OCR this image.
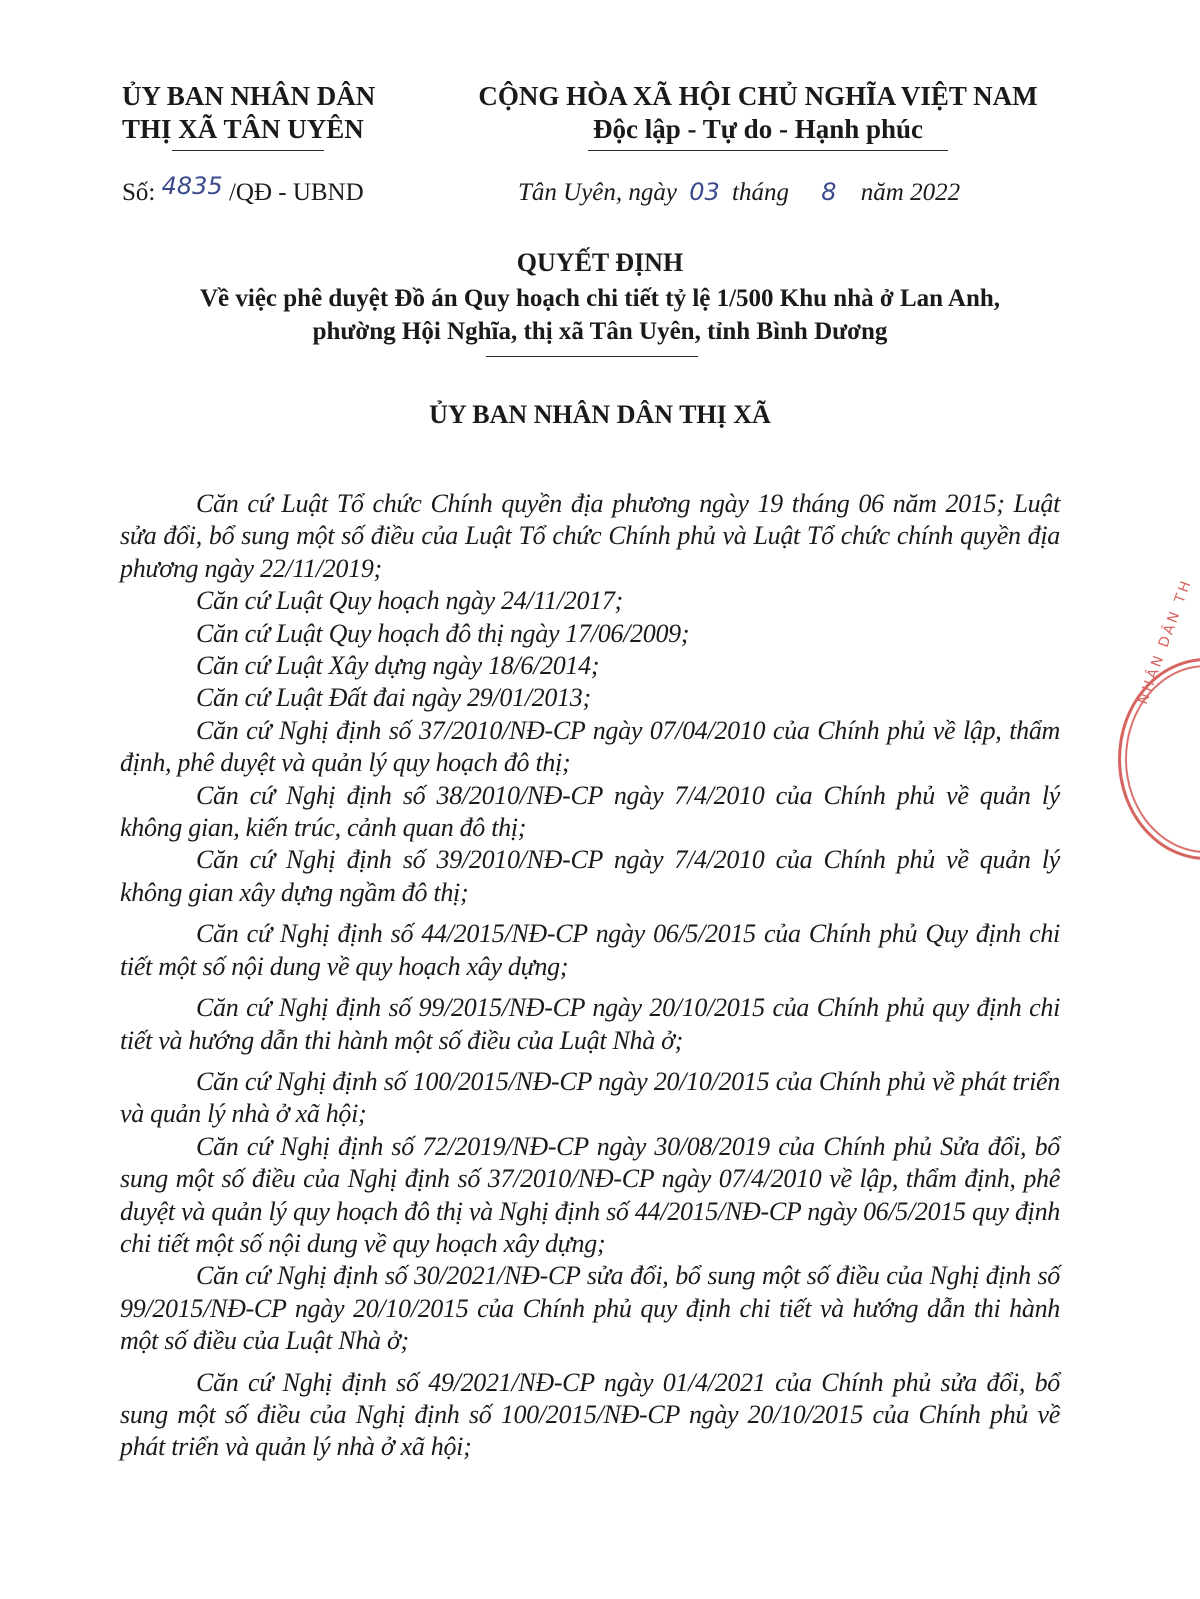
ỦY BAN NHÂN DÂN
THỊ XÃ TÂN UYÊN
CỘNG HÒA XÃ HỘI CHỦ NGHĨA VIỆT NAM
Độc lập - Tự do - Hạnh phúc
Số: 4835 /QĐ - UBND	Tân Uyên, ngày 03 tháng 8 năm 2022
QUYẾT ĐỊNH
Về việc phê duyệt Đồ án Quy hoạch chi tiết tỷ lệ 1/500 Khu nhà ở Lan Anh,
phường Hội Nghĩa, thị xã Tân Uyên, tỉnh Bình Dương
ỦY BAN NHÂN DÂN THỊ XÃ
NHÂN DÂN TH

Căn cứ Luật Tổ chức Chính quyền địa phương ngày 19 tháng 06 năm 2015; Luật sửa đổi, bổ sung một số điều của Luật Tổ chức Chính phủ và Luật Tổ chức chính quyền địa phương ngày 22/11/2019;

Căn cứ Luật Quy hoạch ngày 24/11/2017;

Căn cứ Luật Quy hoạch đô thị ngày 17/06/2009;

Căn cứ Luật Xây dựng ngày 18/6/2014;

Căn cứ Luật Đất đai ngày 29/01/2013;

Căn cứ Nghị định số 37/2010/NĐ-CP ngày 07/04/2010 của Chính phủ về lập, thẩm định, phê duyệt và quản lý quy hoạch đô thị;

Căn cứ Nghị định số 38/2010/NĐ-CP ngày 7/4/2010 của Chính phủ về quản lý không gian, kiến trúc, cảnh quan đô thị;

Căn cứ Nghị định số 39/2010/NĐ-CP ngày 7/4/2010 của Chính phủ về quản lý không gian xây dựng ngầm đô thị;

Căn cứ Nghị định số 44/2015/NĐ-CP ngày 06/5/2015 của Chính phủ Quy định chi tiết một số nội dung về quy hoạch xây dựng;

Căn cứ Nghị định số 99/2015/NĐ-CP ngày 20/10/2015 của Chính phủ quy định chi tiết và hướng dẫn thi hành một số điều của Luật Nhà ở;

Căn cứ Nghị định số 100/2015/NĐ-CP ngày 20/10/2015 của Chính phủ về phát triển và quản lý nhà ở xã hội;

Căn cứ Nghị định số 72/2019/NĐ-CP ngày 30/08/2019 của Chính phủ Sửa đổi, bổ sung một số điều của Nghị định số 37/2010/NĐ-CP ngày 07/4/2010 về lập, thẩm định, phê duyệt và quản lý quy hoạch đô thị và Nghị định số 44/2015/NĐ-CP ngày 06/5/2015 quy định chi tiết một số nội dung về quy hoạch xây dựng;

Căn cứ Nghị định số 30/2021/NĐ-CP sửa đổi, bổ sung một số điều của Nghị định số 99/2015/NĐ-CP ngày 20/10/2015 của Chính phủ quy định chi tiết và hướng dẫn thi hành một số điều của Luật Nhà ở;

Căn cứ Nghị định số 49/2021/NĐ-CP ngày 01/4/2021 của Chính phủ sửa đổi, bổ sung một số điều của Nghị định số 100/2015/NĐ-CP ngày 20/10/2015 của Chính phủ về phát triển và quản lý nhà ở xã hội;
